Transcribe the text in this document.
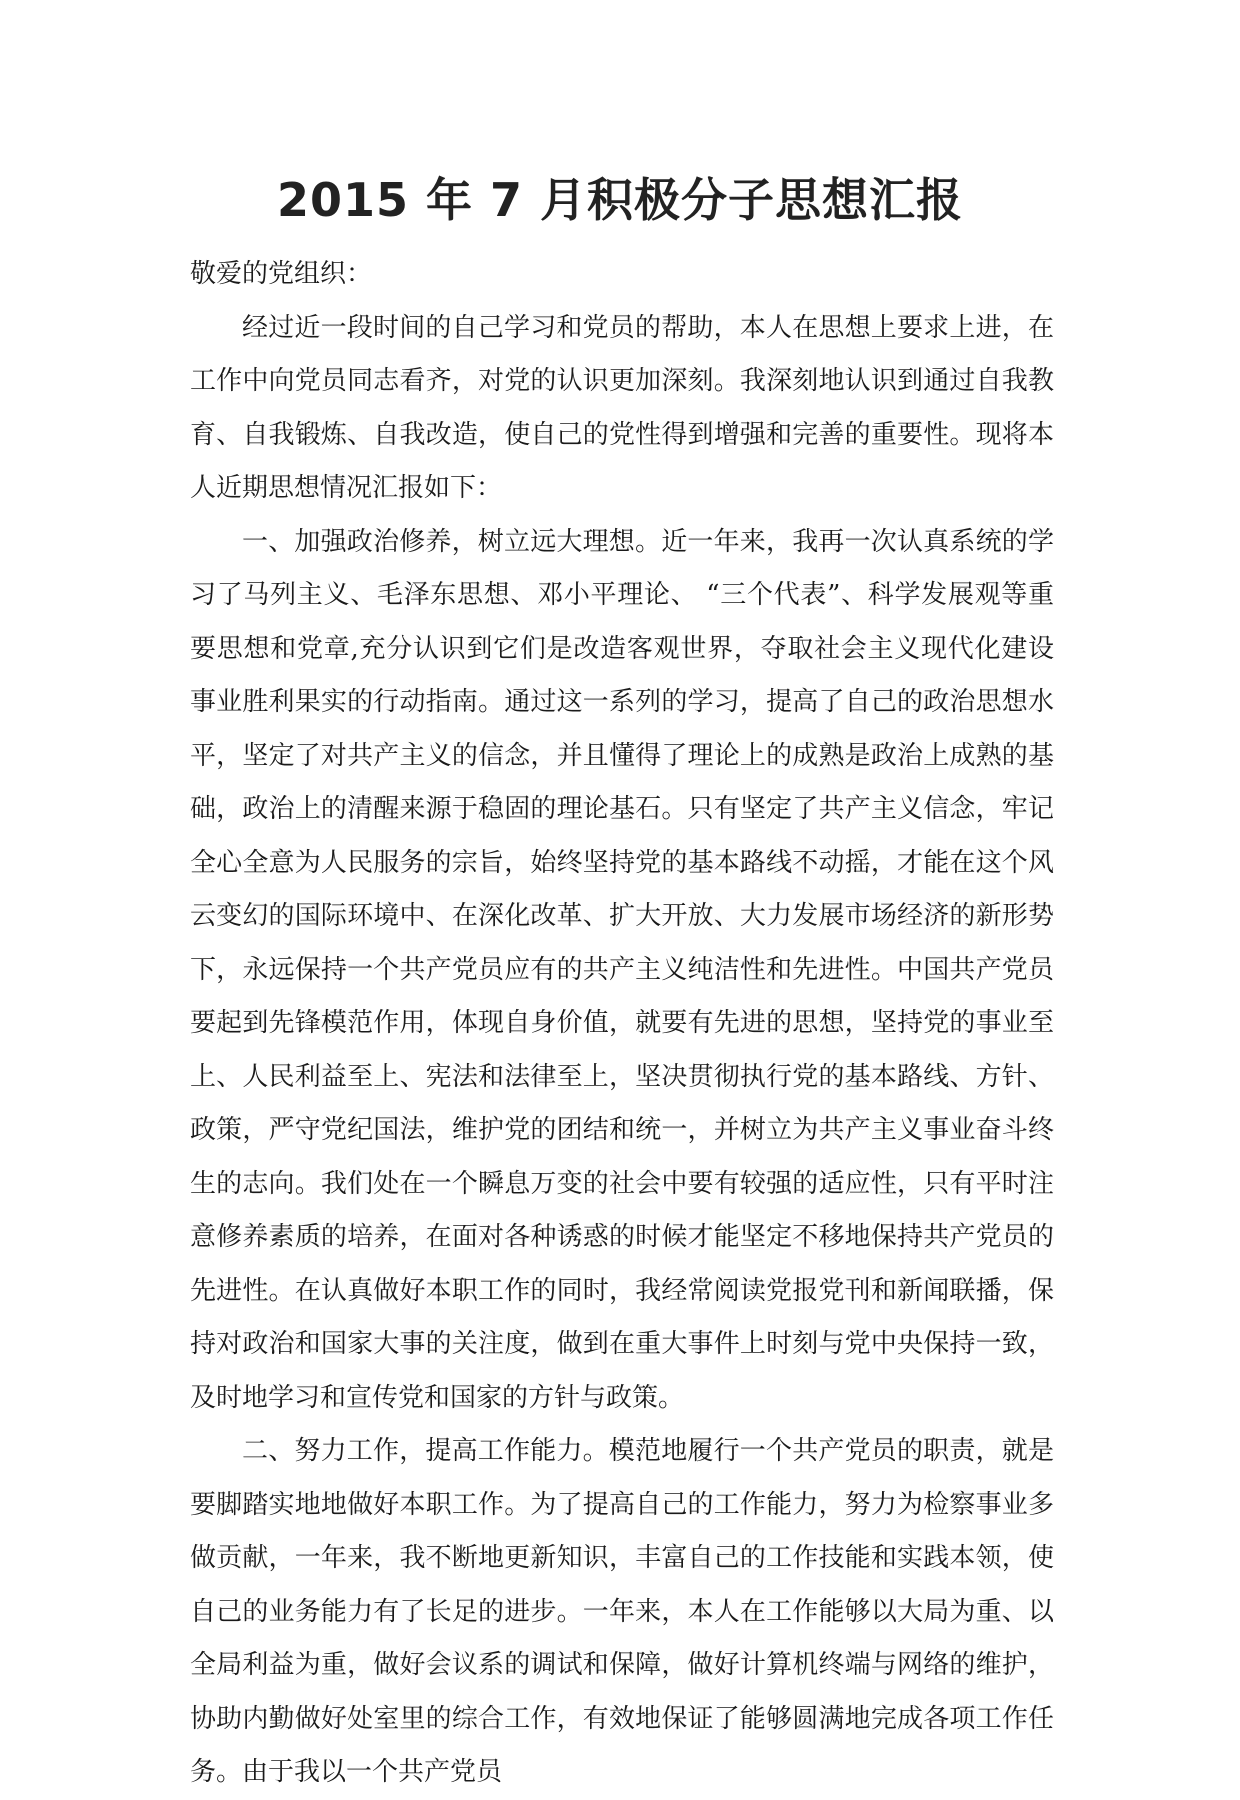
2015 年 7 月积极分子思想汇报

敬爱的党组织：

经过近一段时间的自己学习和党员的帮助，本人在思想上要求上进，在工作中向党员同志看齐，对党的认识更加深刻。我深刻地认识到通过自我教育、自我锻炼、自我改造，使自己的党性得到增强和完善的重要性。现将本人近期思想情况汇报如下：

一、加强政治修养，树立远大理想。近一年来，我再一次认真系统的学习了马列主义、毛泽东思想、邓小平理论、 “三个代表”、科学发展观等重要思想和党章,充分认识到它们是改造客观世界，夺取社会主义现代化建设事业胜利果实的行动指南。通过这一系列的学习，提高了自己的政治思想水平，坚定了对共产主义的信念，并且懂得了理论上的成熟是政治上成熟的基础，政治上的清醒来源于稳固的理论基石。只有坚定了共产主义信念，牢记全心全意为人民服务的宗旨，始终坚持党的基本路线不动摇，才能在这个风云变幻的国际环境中、在深化改革、扩大开放、大力发展市场经济的新形势下，永远保持一个共产党员应有的共产主义纯洁性和先进性。中国共产党员要起到先锋模范作用，体现自身价值，就要有先进的思想，坚持党的事业至上、人民利益至上、宪法和法律至上，坚决贯彻执行党的基本路线、方针、政策，严守党纪国法，维护党的团结和统一，并树立为共产主义事业奋斗终生的志向。我们处在一个瞬息万变的社会中要有较强的适应性，只有平时注意修养素质的培养，在面对各种诱惑的时候才能坚定不移地保持共产党员的先进性。在认真做好本职工作的同时，我经常阅读党报党刊和新闻联播，保持对政治和国家大事的关注度，做到在重大事件上时刻与党中央保持一致，及时地学习和宣传党和国家的方针与政策。

二、努力工作，提高工作能力。模范地履行一个共产党员的职责，就是要脚踏实地地做好本职工作。为了提高自己的工作能力，努力为检察事业多做贡献，一年来，我不断地更新知识，丰富自己的工作技能和实践本领，使自己的业务能力有了长足的进步。一年来，本人在工作能够以大局为重、以全局利益为重，做好会议系的调试和保障，做好计算机终端与网络的维护，协助内勤做好处室里的综合工作，有效地保证了能够圆满地完成各项工作任务。由于我以一个共产党员
